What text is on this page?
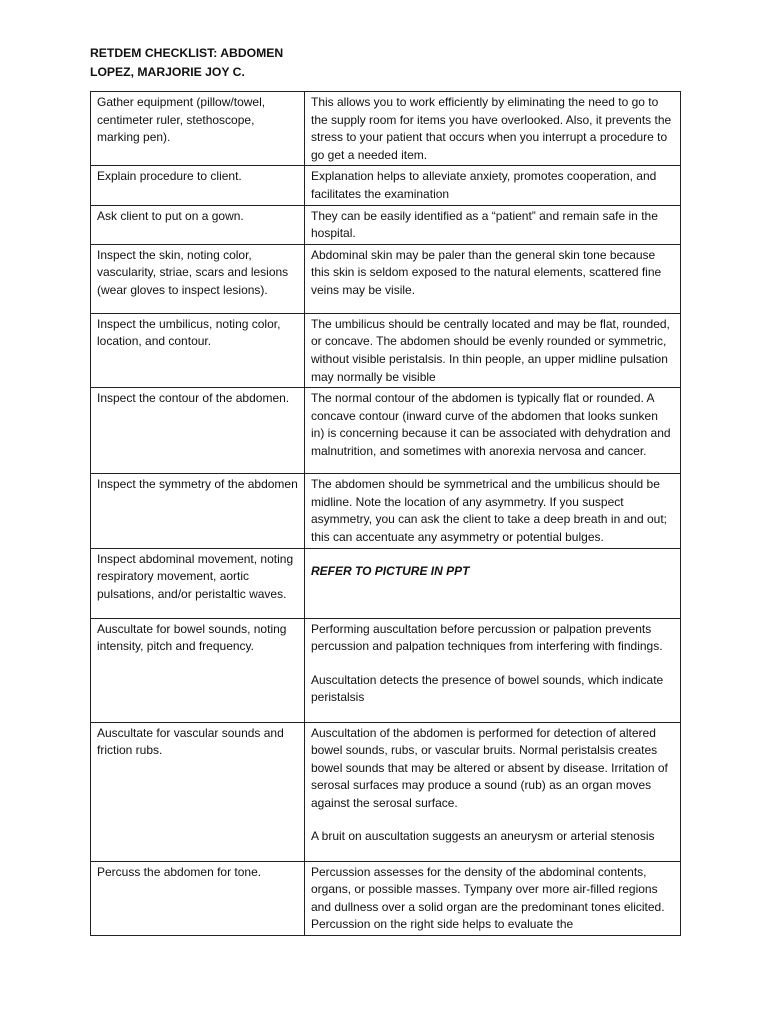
RETDEM CHECKLIST: ABDOMEN
LOPEZ, MARJORIE JOY C.
Gather equipment (pillow/towel, centimeter ruler, stethoscope, marking pen).	This allows you to work efficiently by eliminating the need to go to the supply room for items you have overlooked. Also, it prevents the stress to your patient that occurs when you interrupt a procedure to go get a needed item.

Explain procedure to client.	Explanation helps to alleviate anxiety, promotes cooperation, and facilitates the examination

Ask client to put on a gown.	They can be easily identified as a “patient” and remain safe in the hospital.

Inspect the skin, noting color, vascularity, striae, scars and lesions (wear gloves to inspect lesions).	Abdominal skin may be paler than the general skin tone because this skin is seldom exposed to the natural elements, scattered fine veins may be visile.

Inspect the umbilicus, noting color, location, and contour.	The umbilicus should be centrally located and may be flat, rounded, or concave. The abdomen should be evenly rounded or symmetric, without visible peristalsis. In thin people, an upper midline pulsation may normally be visible

Inspect the contour of the abdomen.	The normal contour of the abdomen is typically flat or rounded. A concave contour (inward curve of the abdomen that looks sunken in) is concerning because it can be associated with dehydration and malnutrition, and sometimes with anorexia nervosa and cancer.

Inspect the symmetry of the abdomen	The abdomen should be symmetrical and the umbilicus should be midline. Note the location of any asymmetry. If you suspect asymmetry, you can ask the client to take a deep breath in and out; this can accentuate any asymmetry or potential bulges.

Inspect abdominal movement, noting respiratory movement, aortic pulsations, and/or peristaltic waves.	REFER TO PICTURE IN PPT

Auscultate for bowel sounds, noting intensity, pitch and frequency.	Performing auscultation before percussion or palpation prevents percussion and palpation techniques from interfering with findings.
Auscultation detects the presence of bowel sounds, which indicate peristalsis

Auscultate for vascular sounds and friction rubs.	Auscultation of the abdomen is performed for detection of altered bowel sounds, rubs, or vascular bruits. Normal peristalsis creates bowel sounds that may be altered or absent by disease. Irritation of serosal surfaces may produce a sound (rub) as an organ moves against the serosal surface.
A bruit on auscultation suggests an aneurysm or arterial stenosis

Percuss the abdomen for tone.	Percussion assesses for the density of the abdominal contents, organs, or possible masses. Tympany over more air-filled regions and dullness over a solid organ are the predominant tones elicited. Percussion on the right side helps to evaluate the
